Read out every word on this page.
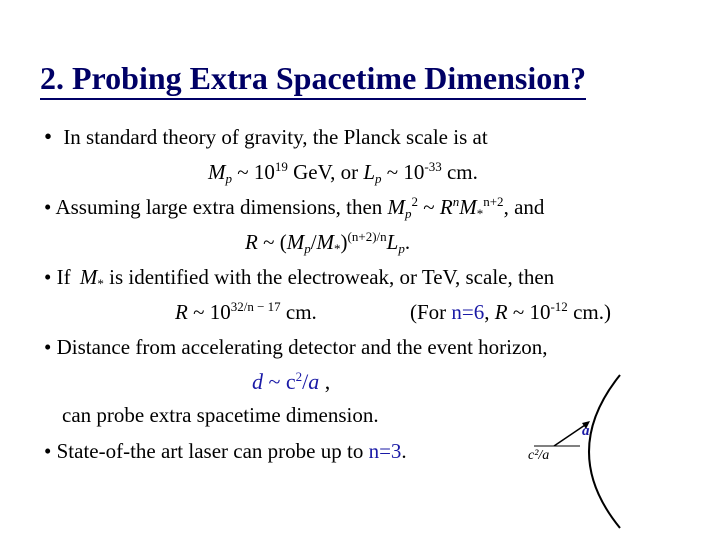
2. Probing Extra Spacetime Dimension?
• In standard theory of gravity, the Planck scale is at
$M_p$ ~ $10^{19}$ GeV, or $L_p$ ~ $10^{-33}$ cm.
• Assuming large extra dimensions, then $M_p^2$ ~ $R^nM_*^{n+2}$, and
R ~ $(M_p/M_*)^{(n+2)/n}L_p$.
• If $M_*$ is identified with the electroweak, or TeV, scale, then
R ~ $10^{32/n - 17}$ cm.	(For n=6, R ~ $10^{-12}$ cm.)
• Distance from accelerating detector and the event horizon,
d ~ $c^2/a$ ,
can probe extra spacetime dimension.
• State-of-the art laser can probe up to n=3.
a
c²/a
